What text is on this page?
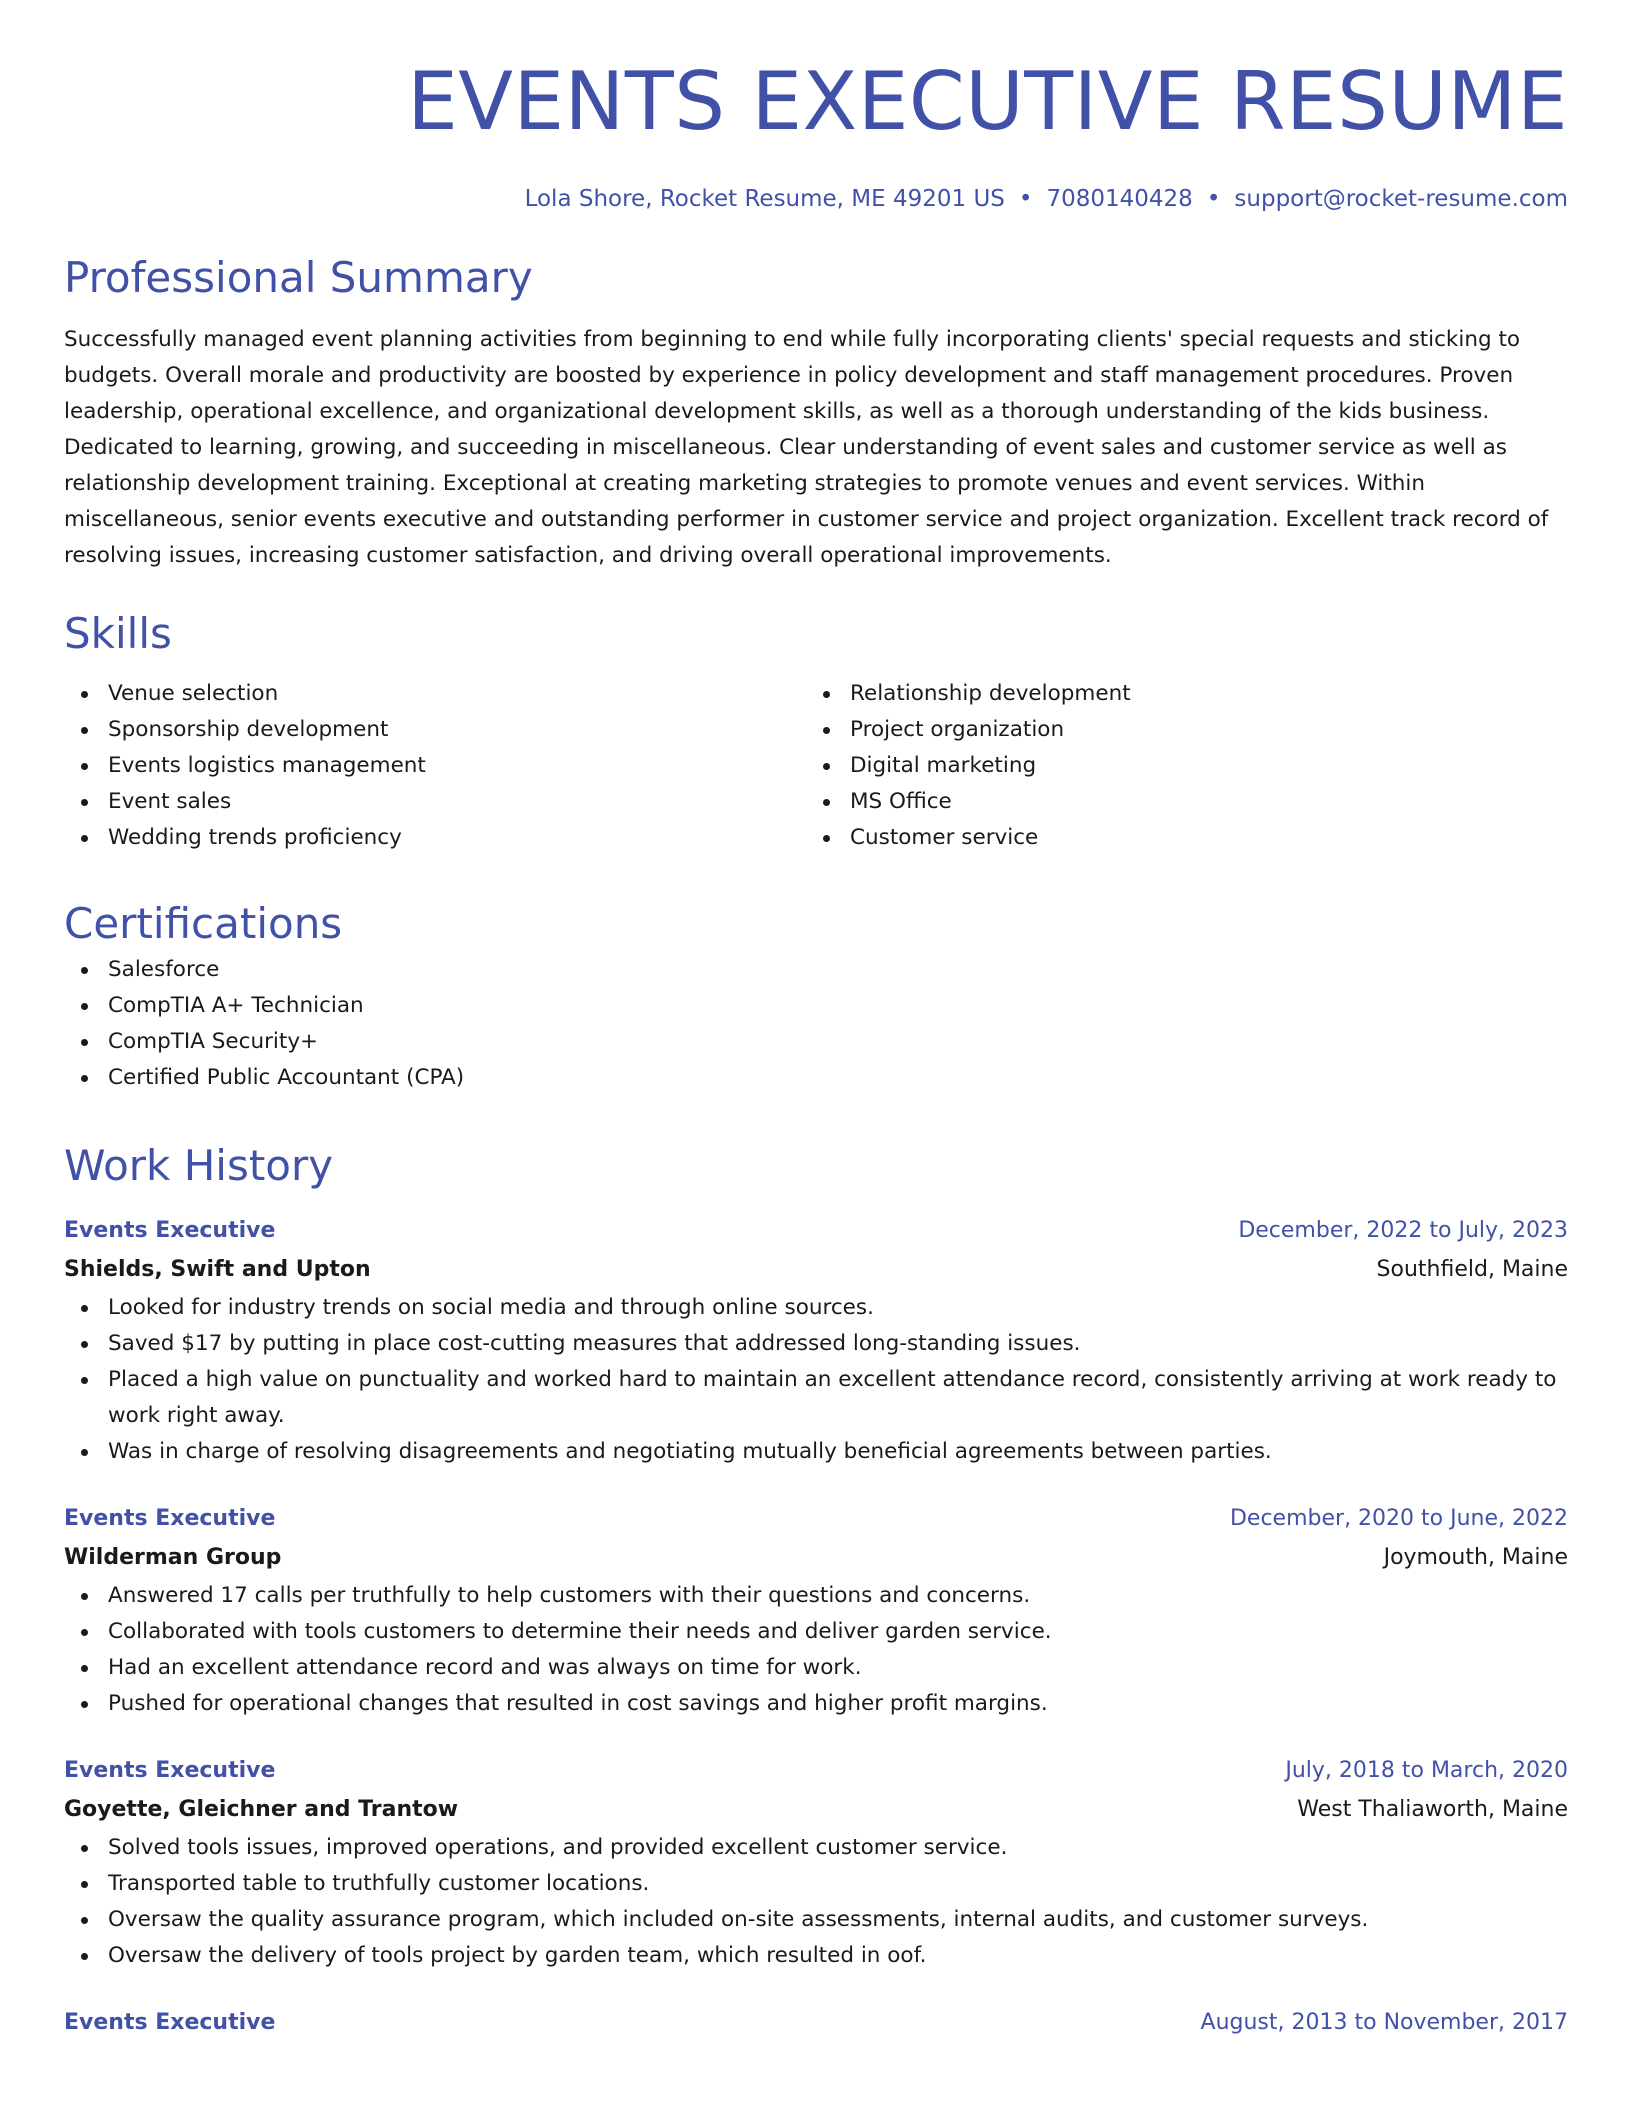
EVENTS EXECUTIVE RESUME
Lola Shore, Rocket Resume, ME 49201 US • 7080140428 • support@rocket-resume.com
Professional Summary

Successfully managed event planning activities from beginning to end while fully incorporating clients' special requests and sticking to budgets. Overall morale and productivity are boosted by experience in policy development and staff management procedures. Proven leadership, operational excellence, and organizational development skills, as well as a thorough understanding of the kids business. Dedicated to learning, growing, and succeeding in miscellaneous. Clear understanding of event sales and customer service as well as relationship development training. Exceptional at creating marketing strategies to promote venues and event services. Within miscellaneous, senior events executive and outstanding performer in customer service and project organization. Excellent track record of resolving issues, increasing customer satisfaction, and driving overall operational improvements.

Skills
Venue selection
Sponsorship development
Events logistics management
Event sales
Wedding trends proficiency
Relationship development
Project organization
Digital marketing
MS Office
Customer service
Certifications
Salesforce
CompTIA A+ Technician
CompTIA Security+
Certified Public Accountant (CPA)
Work History
Events Executive	December, 2022 to July, 2023
Shields, Swift and Upton	Southfield, Maine
Looked for industry trends on social media and through online sources.
Saved $17 by putting in place cost-cutting measures that addressed long-standing issues.
Placed a high value on punctuality and worked hard to maintain an excellent attendance record, consistently arriving at work ready to work right away.
Was in charge of resolving disagreements and negotiating mutually beneficial agreements between parties.
Events Executive	December, 2020 to June, 2022
Wilderman Group	Joymouth, Maine
Answered 17 calls per truthfully to help customers with their questions and concerns.
Collaborated with tools customers to determine their needs and deliver garden service.
Had an excellent attendance record and was always on time for work.
Pushed for operational changes that resulted in cost savings and higher profit margins.
Events Executive	July, 2018 to March, 2020
Goyette, Gleichner and Trantow	West Thaliaworth, Maine
Solved tools issues, improved operations, and provided excellent customer service.
Transported table to truthfully customer locations.
Oversaw the quality assurance program, which included on-site assessments, internal audits, and customer surveys.
Oversaw the delivery of tools project by garden team, which resulted in oof.
Events Executive	August, 2013 to November, 2017
